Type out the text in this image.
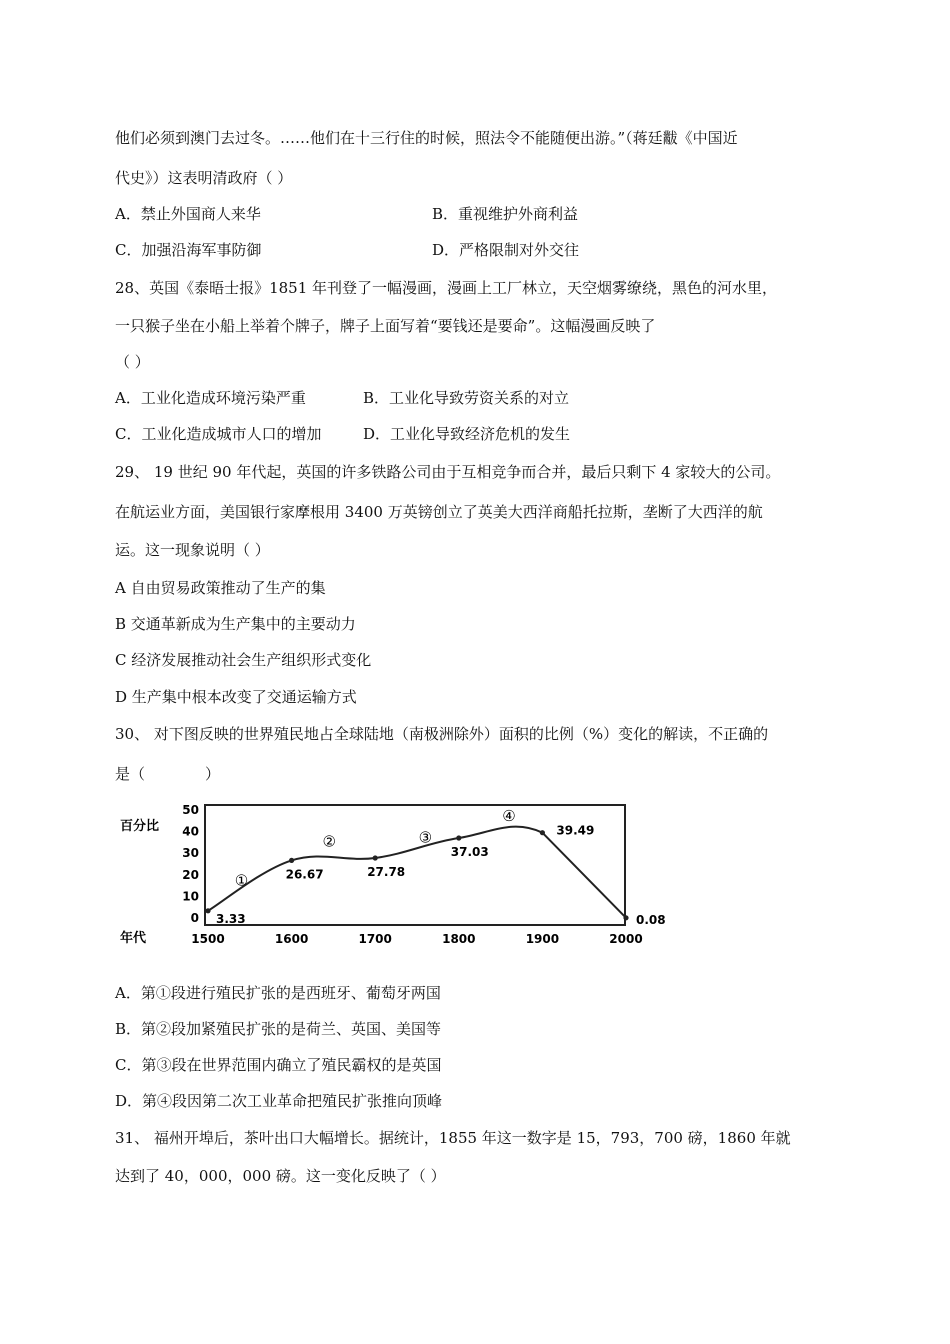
他们必须到澳门去过冬。……他们在十三行住的时候，照法令不能随便出游。”（蒋廷黻《中国近
代史》）这表明清政府（ ）
A．禁止外国商人来华	B．重视维护外商利益
C．加强沿海军事防御	D．严格限制对外交往
28、英国《泰晤士报》1851 年刊登了一幅漫画，漫画上工厂林立，天空烟雾缭绕，黑色的河水里，
一只猴子坐在小船上举着个牌子，牌子上面写着“要钱还是要命”。这幅漫画反映了
（ ）
A．工业化造成环境污染严重	B．工业化导致劳资关系的对立
C．工业化造成城市人口的增加	D．工业化导致经济危机的发生
29、 19 世纪 90 年代起，英国的许多铁路公司由于互相竞争而合并，最后只剩下 4 家较大的公司。
在航运业方面，美国银行家摩根用 3400 万英镑创立了英美大西洋商船托拉斯，垄断了大西洋的航
运。这一现象说明（ ）
A 自由贸易政策推动了生产的集
B 交通革新成为生产集中的主要动力
C 经济发展推动社会生产组织形式变化
D 生产集中根本改变了交通运输方式
30、 对下图反映的世界殖民地占全球陆地（南极洲除外）面积的比例（%）变化的解读，不正确的
是（　　　　）
A．第①段进行殖民扩张的是西班牙、葡萄牙两国
B．第②段加紧殖民扩张的是荷兰、英国、美国等
C．第③段在世界范围内确立了殖民霸权的是英国
D．第④段因第二次工业革命把殖民扩张推向顶峰
31、 福州开埠后，茶叶出口大幅增长。据统计，1855 年这一数字是 15，793，700 磅，1860 年就
达到了 40，000，000 磅。这一变化反映了（ ）
0
10
20
30
40
50
1500	1600	1700	1800	1900	2000
百分比
年代
3.33
26.67	27.78
37.03
39.49
0.08
①
②	③
④
